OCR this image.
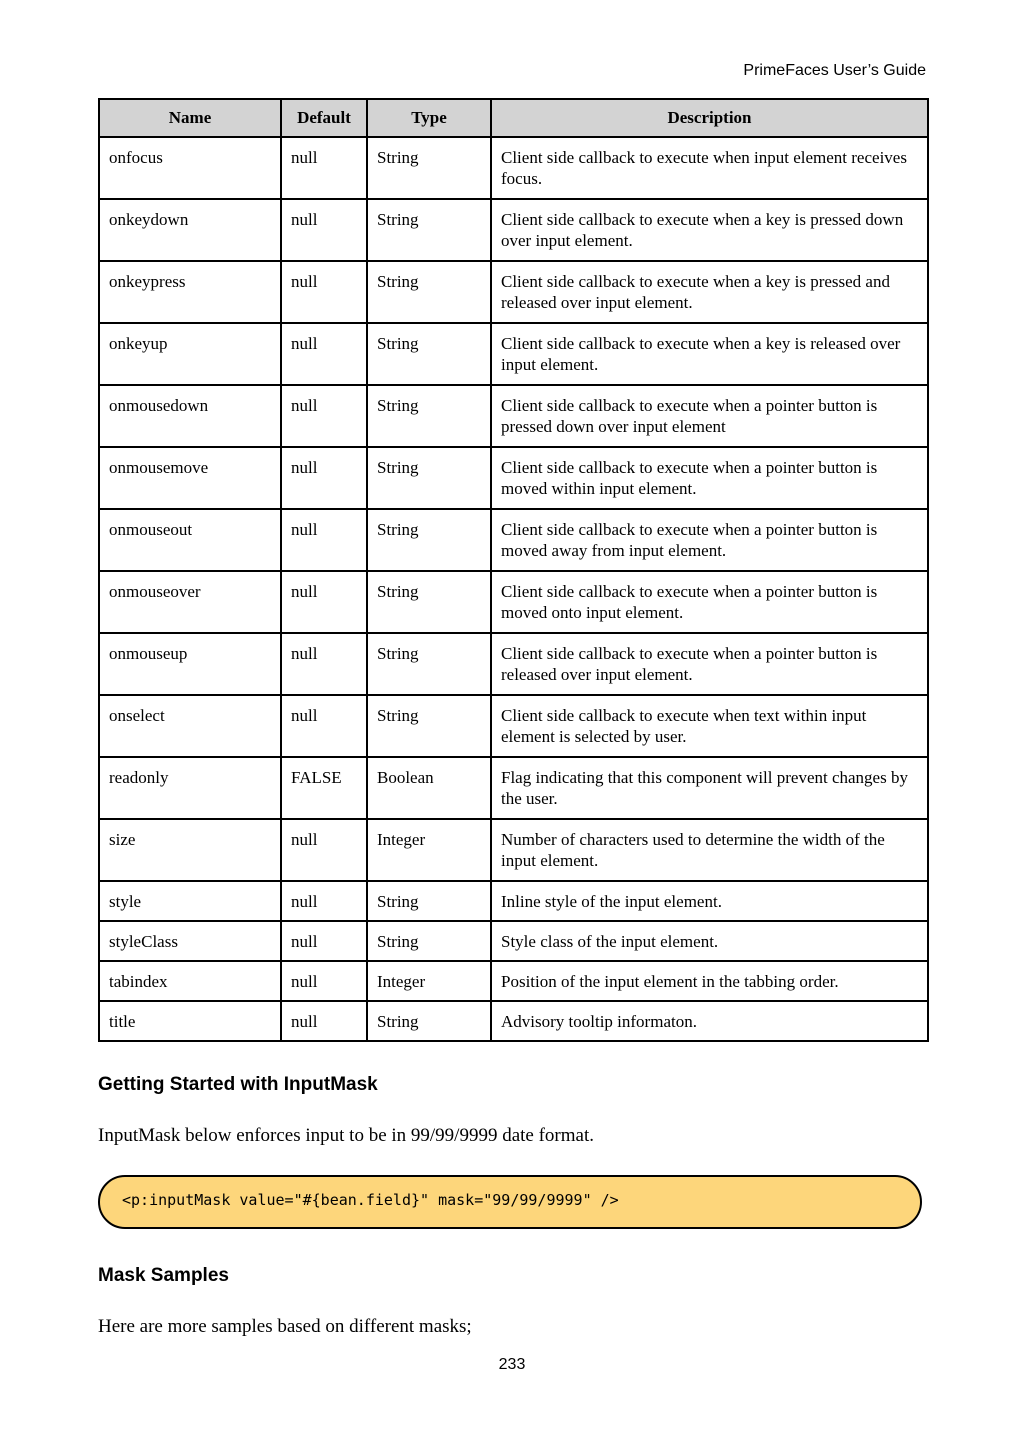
PrimeFaces User’s Guide
Name	Default	Type	Description
onfocus	null	String	Client side callback to execute when input element receives focus.
onkeydown	null	String	Client side callback to execute when a key is pressed down over input element.
onkeypress	null	String	Client side callback to execute when a key is pressed and released over input element.
onkeyup	null	String	Client side callback to execute when a key is released over input element.
onmousedown	null	String	Client side callback to execute when a pointer button is pressed down over input element
onmousemove	null	String	Client side callback to execute when a pointer button is moved within input element.
onmouseout	null	String	Client side callback to execute when a pointer button is moved away from input element.
onmouseover	null	String	Client side callback to execute when a pointer button is moved onto input element.
onmouseup	null	String	Client side callback to execute when a pointer button is released over input element.
onselect	null	String	Client side callback to execute when text within input element is selected by user.
readonly	FALSE	Boolean	Flag indicating that this component will prevent changes by the user.
size	null	Integer	Number of characters used to determine the width of the input element.
style	null	String	Inline style of the input element.
styleClass	null	String	Style class of the input element.
tabindex	null	Integer	Position of the input element in the tabbing order.
title	null	String	Advisory tooltip informaton.
Getting Started with InputMask

InputMask below enforces input to be in 99/99/9999 date format.

<p:inputMask value="#{bean.field}" mask="99/99/9999" />
Mask Samples

Here are more samples based on different masks;

233
